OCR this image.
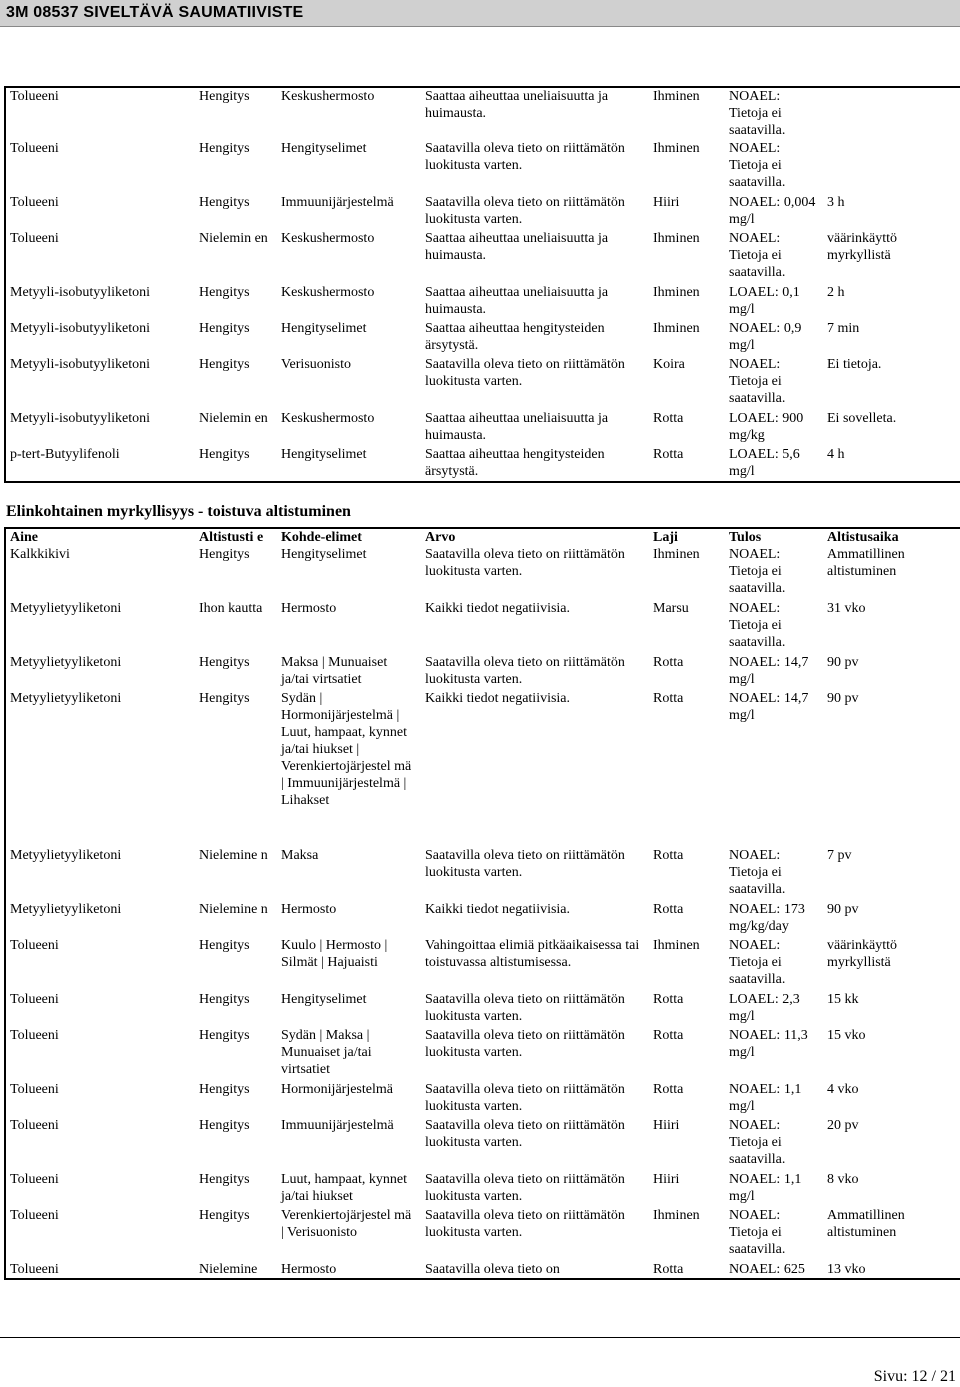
3M 08537 SIVELTÄVÄ SAUMATIIVISTE
Tolueeni	Hengitys	Keskushermosto	Saattaa aiheuttaa uneliaisuutta ja huimausta.	Ihminen	NOAEL: Tietoja ei saatavilla.	
Tolueeni	Hengitys	Hengityselimet	Saatavilla oleva tieto on riittämätön luokitusta varten.	Ihminen	NOAEL: Tietoja ei saatavilla.	
Tolueeni	Hengitys	Immuunijärjestelmä	Saatavilla oleva tieto on riittämätön luokitusta varten.	Hiiri	NOAEL: 0,004 mg/l	3 h
Tolueeni	Nielemin en	Keskushermosto	Saattaa aiheuttaa uneliaisuutta ja huimausta.	Ihminen	NOAEL: Tietoja ei saatavilla.	väärinkäyttö myrkyllistä
Metyyli-isobutyyliketoni	Hengitys	Keskushermosto	Saattaa aiheuttaa uneliaisuutta ja huimausta.	Ihminen	LOAEL: 0,1 mg/l	2 h
Metyyli-isobutyyliketoni	Hengitys	Hengityselimet	Saattaa aiheuttaa hengitysteiden ärsytystä.	Ihminen	NOAEL: 0,9 mg/l	7 min
Metyyli-isobutyyliketoni	Hengitys	Verisuonisto	Saatavilla oleva tieto on riittämätön luokitusta varten.	Koira	NOAEL: Tietoja ei saatavilla.	Ei tietoja.
Metyyli-isobutyyliketoni	Nielemin en	Keskushermosto	Saattaa aiheuttaa uneliaisuutta ja huimausta.	Rotta	LOAEL: 900 mg/kg	Ei sovelleta.
p-tert-Butyylifenoli	Hengitys	Hengityselimet	Saattaa aiheuttaa hengitysteiden ärsytystä.	Rotta	LOAEL: 5,6 mg/l	4 h
Elinkohtainen myrkyllisyys - toistuva altistuminen
Aine	Altistusti e	Kohde-elimet	Arvo	Laji	Tulos	Altistusaika
Kalkkikivi	Hengitys	Hengityselimet	Saatavilla oleva tieto on riittämätön luokitusta varten.	Ihminen	NOAEL: Tietoja ei saatavilla.	Ammatillinen altistuminen
Metyylietyyliketoni	Ihon kautta	Hermosto	Kaikki tiedot negatiivisia.	Marsu	NOAEL: Tietoja ei saatavilla.	31 vko
Metyylietyyliketoni	Hengitys	Maksa | Munuaiset ja/tai virtsatiet	Saatavilla oleva tieto on riittämätön luokitusta varten.	Rotta	NOAEL: 14,7 mg/l	90 pv
Metyylietyyliketoni	Hengitys	Sydän | Hormonijärjestelmä | Luut, hampaat, kynnet ja/tai hiukset | Verenkiertojärjestel mä | Immuunijärjestelmä | Lihakset	Kaikki tiedot negatiivisia.	Rotta	NOAEL: 14,7 mg/l	90 pv
Metyylietyyliketoni	Nielemine n	Maksa	Saatavilla oleva tieto on riittämätön luokitusta varten.	Rotta	NOAEL: Tietoja ei saatavilla.	7 pv
Metyylietyyliketoni	Nielemine n	Hermosto	Kaikki tiedot negatiivisia.	Rotta	NOAEL: 173 mg/kg/day	90 pv
Tolueeni	Hengitys	Kuulo | Hermosto | Silmät | Hajuaisti	Vahingoittaa elimiä pitkäaikaisessa tai toistuvassa altistumisessa.	Ihminen	NOAEL: Tietoja ei saatavilla.	väärinkäyttö myrkyllistä
Tolueeni	Hengitys	Hengityselimet	Saatavilla oleva tieto on riittämätön luokitusta varten.	Rotta	LOAEL: 2,3 mg/l	15 kk
Tolueeni	Hengitys	Sydän | Maksa | Munuaiset ja/tai virtsatiet	Saatavilla oleva tieto on riittämätön luokitusta varten.	Rotta	NOAEL: 11,3 mg/l	15 vko
Tolueeni	Hengitys	Hormonijärjestelmä	Saatavilla oleva tieto on riittämätön luokitusta varten.	Rotta	NOAEL: 1,1 mg/l	4 vko
Tolueeni	Hengitys	Immuunijärjestelmä	Saatavilla oleva tieto on riittämätön luokitusta varten.	Hiiri	NOAEL: Tietoja ei saatavilla.	20 pv
Tolueeni	Hengitys	Luut, hampaat, kynnet ja/tai hiukset	Saatavilla oleva tieto on riittämätön luokitusta varten.	Hiiri	NOAEL: 1,1 mg/l	8 vko
Tolueeni	Hengitys	Verenkiertojärjestel mä | Verisuonisto	Saatavilla oleva tieto on riittämätön luokitusta varten.	Ihminen	NOAEL: Tietoja ei saatavilla.	Ammatillinen altistuminen
Tolueeni	Nielemine	Hermosto	Saatavilla oleva tieto on	Rotta	NOAEL: 625	13 vko
Sivu: 12 / 21
